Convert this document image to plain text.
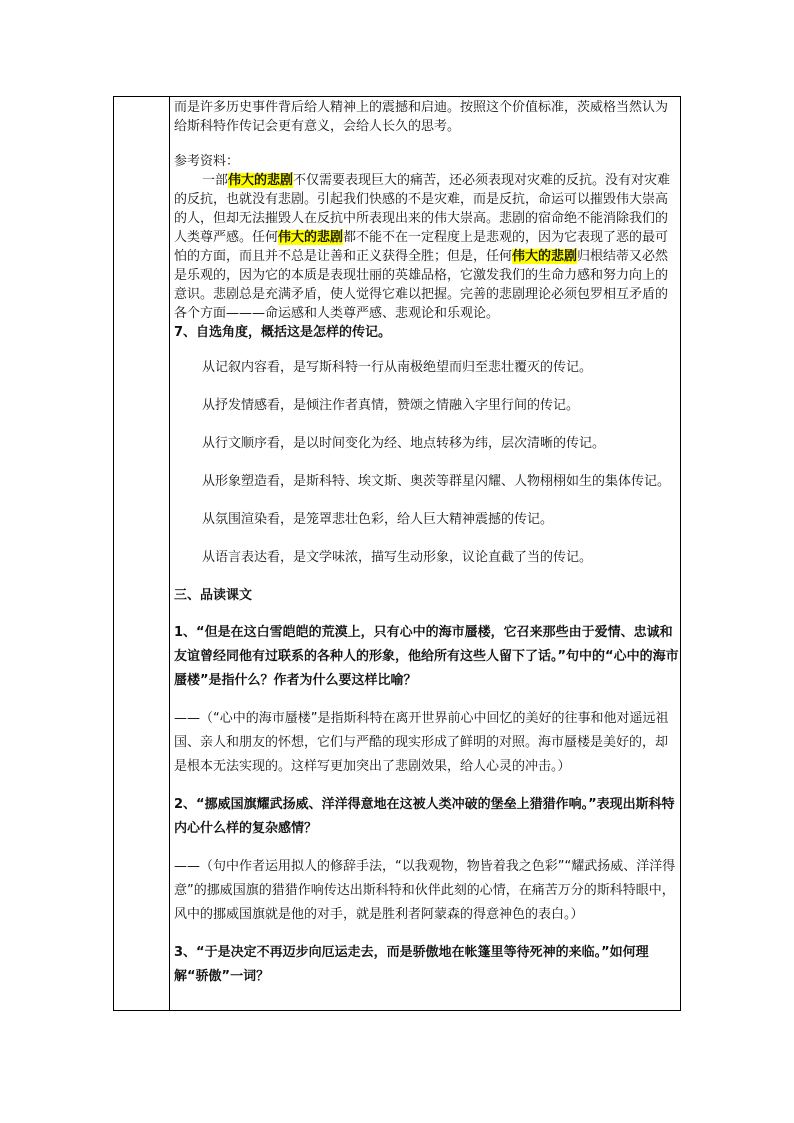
而是许多历史事件背后给人精神上的震撼和启迪。按照这个价值标准，茨威格当然认为给斯科特作传记会更有意义，会给人长久的思考。

参考资料：

一部伟大的悲剧不仅需要表现巨大的痛苦，还必须表现对灾难的反抗。没有对灾难的反抗，也就没有悲剧。引起我们快感的不是灾难，而是反抗，命运可以摧毁伟大崇高的人，但却无法摧毁人在反抗中所表现出来的伟大崇高。悲剧的宿命绝不能消除我们的人类尊严感。任何伟大的悲剧都不能不在一定程度上是悲观的，因为它表现了恶的最可怕的方面，而且并不总是让善和正义获得全胜；但是，任何伟大的悲剧归根结蒂又必然是乐观的，因为它的本质是表现壮丽的英雄品格，它激发我们的生命力感和努力向上的意识。悲剧总是充满矛盾，使人觉得它难以把握。完善的悲剧理论必须包罗相互矛盾的各个方面———命运感和人类尊严感、悲观论和乐观论。

7、自选角度，概括这是怎样的传记。

从记叙内容看，是写斯科特一行从南极绝望而归至悲壮覆灭的传记。

从抒发情感看，是倾注作者真情，赞颂之情融入字里行间的传记。

从行文顺序看，是以时间变化为经、地点转移为纬，层次清晰的传记。

从形象塑造看，是斯科特、埃文斯、奥茨等群星闪耀、人物栩栩如生的集体传记。

从氛围渲染看，是笼罩悲壮色彩，给人巨大精神震撼的传记。

从语言表达看，是文学味浓，描写生动形象，议论直截了当的传记。

三、品读课文

1、“但是在这白雪皑皑的荒漠上，只有心中的海市蜃楼，它召来那些由于爱情、忠诚和友谊曾经同他有过联系的各种人的形象，他给所有这些人留下了话。”句中的“心中的海市蜃楼”是指什么？作者为什么要这样比喻？

——（“心中的海市蜃楼”是指斯科特在离开世界前心中回忆的美好的往事和他对遥远祖国、亲人和朋友的怀想，它们与严酷的现实形成了鲜明的对照。海市蜃楼是美好的，却是根本无法实现的。这样写更加突出了悲剧效果，给人心灵的冲击。）

2、“挪威国旗耀武扬威、洋洋得意地在这被人类冲破的堡垒上猎猎作响。”表现出斯科特内心什么样的复杂感情？

——（句中作者运用拟人的修辞手法，“以我观物，物皆着我之色彩”“耀武扬威、洋洋得意”的挪威国旗的猎猎作响传达出斯科特和伙伴此刻的心情，在痛苦万分的斯科特眼中，风中的挪威国旗就是他的对手，就是胜利者阿蒙森的得意神色的表白。）

3、“于是决定不再迈步向厄运走去，而是骄傲地在帐篷里等待死神的来临。”如何理解“骄傲”一词？
